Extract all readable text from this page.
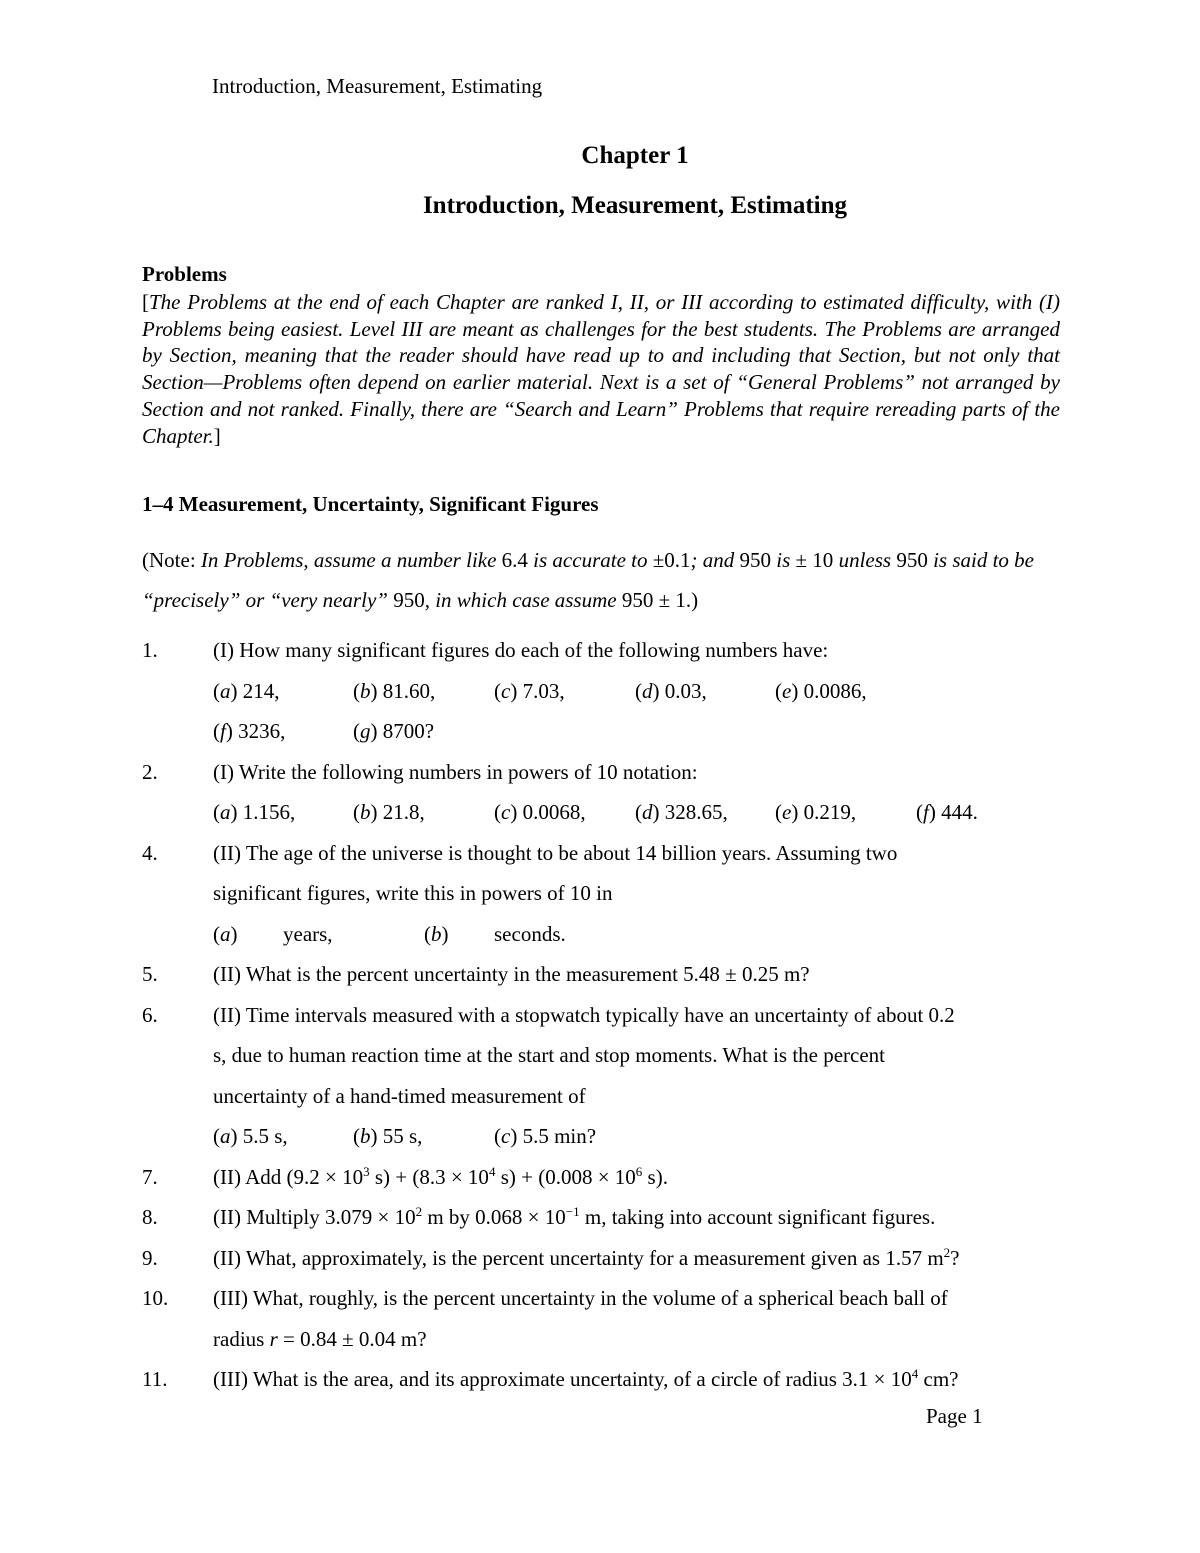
Introduction, Measurement, Estimating
Chapter 1
Introduction, Measurement, Estimating
Problems
[The Problems at the end of each Chapter are ranked I, II, or III according to estimated difficulty, with (I) Problems being easiest. Level III are meant as challenges for the best students. The Problems are arranged by Section, meaning that the reader should have read up to and including that Section, but not only that Section—Problems often depend on earlier material. Next is a set of “General Problems” not arranged by Section and not ranked. Finally, there are “Search and Learn” Problems that require rereading parts of the Chapter.]
1–4 Measurement, Uncertainty, Significant Figures
(Note: In Problems, assume a number like 6.4 is accurate to ±0.1; and 950 is ± 10 unless 950 is said to be “precisely” or “very nearly” 950, in which case assume 950 ± 1.)
1.	(I) How many significant figures do each of the following numbers have:
(a) 214,	(b) 81.60,	(c) 7.03,	(d) 0.03,	(e) 0.0086,
(f) 3236,	(g) 8700?
2.	(I) Write the following numbers in powers of 10 notation:
(a) 1.156,	(b) 21.8,	(c) 0.0068, (d) 328.65, (e) 0.219,	(f) 444.
4.	(II) The age of the universe is thought to be about 14 billion years. Assuming two
significant figures, write this in powers of 10 in
(a) years,	(b) seconds.
5.	(II) What is the percent uncertainty in the measurement 5.48 ± 0.25 m?
6.	(II) Time intervals measured with a stopwatch typically have an uncertainty of about 0.2
s, due to human reaction time at the start and stop moments. What is the percent
uncertainty of a hand-timed measurement of
(a) 5.5 s,	(b) 55 s,	(c) 5.5 min?
7.	(II) Add ($9.2 \times 10^3$ $s) + (8.3 \times 10^4$ $s) + (0.008 \times 10^6$ s).
8.	(II) Multiply $3.079 \times 10^2$ m by $0.068 \times 10^{-1}$ m, taking into account significant figures.
9.	(II) What, approximately, is the percent uncertainty for a measurement given as 1.57 $m^2$?
10. (III) What, roughly, is the percent uncertainty in the volume of a spherical beach ball of
radius r = 0.84 ± 0.04 m?
11. (III) What is the area, and its approximate uncertainty, of a circle of radius $3.1 \times 10^4$ cm?
Page 1
